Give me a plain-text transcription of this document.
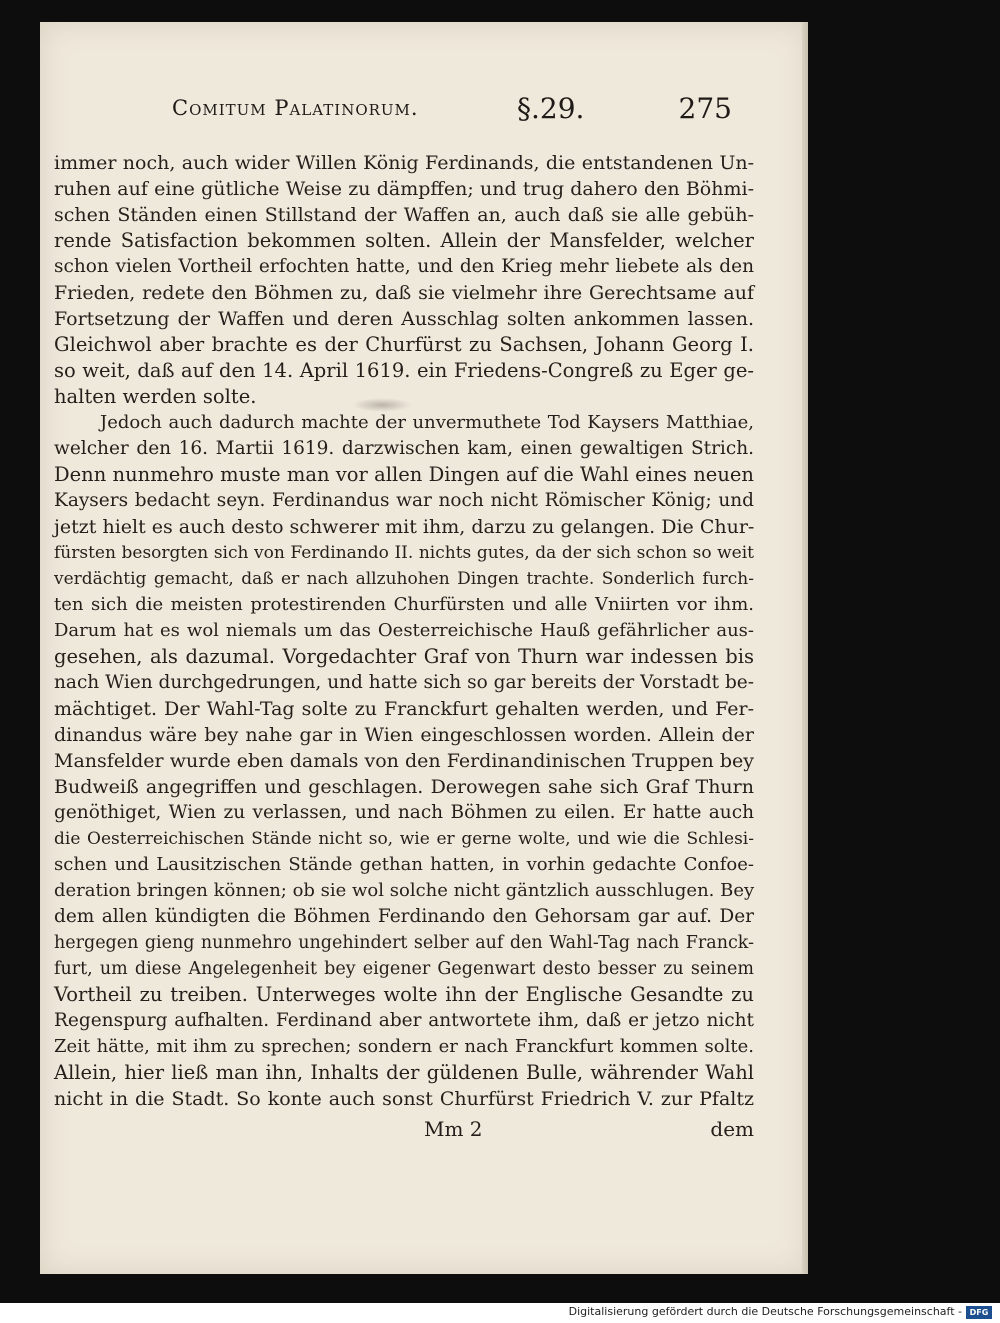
Comitum Palatinorum.	§.29.	275
immer noch, auch wider Willen König Ferdinands, die entstandenen Un-
ruhen auf eine gütliche Weise zu dämpffen; und trug dahero den Böhmi-
schen Ständen einen Stillstand der Waffen an, auch daß sie alle gebüh-
rende Satisfaction bekommen solten. Allein der Mansfelder, welcher
schon vielen Vortheil erfochten hatte, und den Krieg mehr liebete als den
Frieden, redete den Böhmen zu, daß sie vielmehr ihre Gerechtsame auf
Fortsetzung der Waffen und deren Ausschlag solten ankommen lassen.
Gleichwol aber brachte es der Churfürst zu Sachsen, Johann Georg I.
so weit, daß auf den 14. April 1619. ein Friedens-Congreß zu Eger ge-
halten werden solte.
Jedoch auch dadurch machte der unvermuthete Tod Kaysers Matthiae,
welcher den 16. Martii 1619. darzwischen kam, einen gewaltigen Strich.
Denn nunmehro muste man vor allen Dingen auf die Wahl eines neuen
Kaysers bedacht seyn. Ferdinandus war noch nicht Römischer König; und
jetzt hielt es auch desto schwerer mit ihm, darzu zu gelangen. Die Chur-
fürsten besorgten sich von Ferdinando II. nichts gutes, da der sich schon so weit
verdächtig gemacht, daß er nach allzuhohen Dingen trachte. Sonderlich furch-
ten sich die meisten protestirenden Churfürsten und alle Vniirten vor ihm.
Darum hat es wol niemals um das Oesterreichische Hauß gefährlicher aus-
gesehen, als dazumal. Vorgedachter Graf von Thurn war indessen bis
nach Wien durchgedrungen, und hatte sich so gar bereits der Vorstadt be-
mächtiget. Der Wahl-Tag solte zu Franckfurt gehalten werden, und Fer-
dinandus wäre bey nahe gar in Wien eingeschlossen worden. Allein der
Mansfelder wurde eben damals von den Ferdinandinischen Truppen bey
Budweiß angegriffen und geschlagen. Derowegen sahe sich Graf Thurn
genöthiget, Wien zu verlassen, und nach Böhmen zu eilen. Er hatte auch
die Oesterreichischen Stände nicht so, wie er gerne wolte, und wie die Schlesi-
schen und Lausitzischen Stände gethan hatten, in vorhin gedachte Confoe-
deration bringen können; ob sie wol solche nicht gäntzlich ausschlugen. Bey
dem allen kündigten die Böhmen Ferdinando den Gehorsam gar auf. Der
hergegen gieng nunmehro ungehindert selber auf den Wahl-Tag nach Franck-
furt, um diese Angelegenheit bey eigener Gegenwart desto besser zu seinem
Vortheil zu treiben. Unterweges wolte ihn der Englische Gesandte zu
Regenspurg aufhalten. Ferdinand aber antwortete ihm, daß er jetzo nicht
Zeit hätte, mit ihm zu sprechen; sondern er nach Franckfurt kommen solte.
Allein, hier ließ man ihn, Inhalts der güldenen Bulle, währender Wahl
nicht in die Stadt. So konte auch sonst Churfürst Friedrich V. zur Pfaltz
Mm 2	dem
Digitalisierung gefördert durch die Deutsche Forschungsgemeinschaft - DFG
